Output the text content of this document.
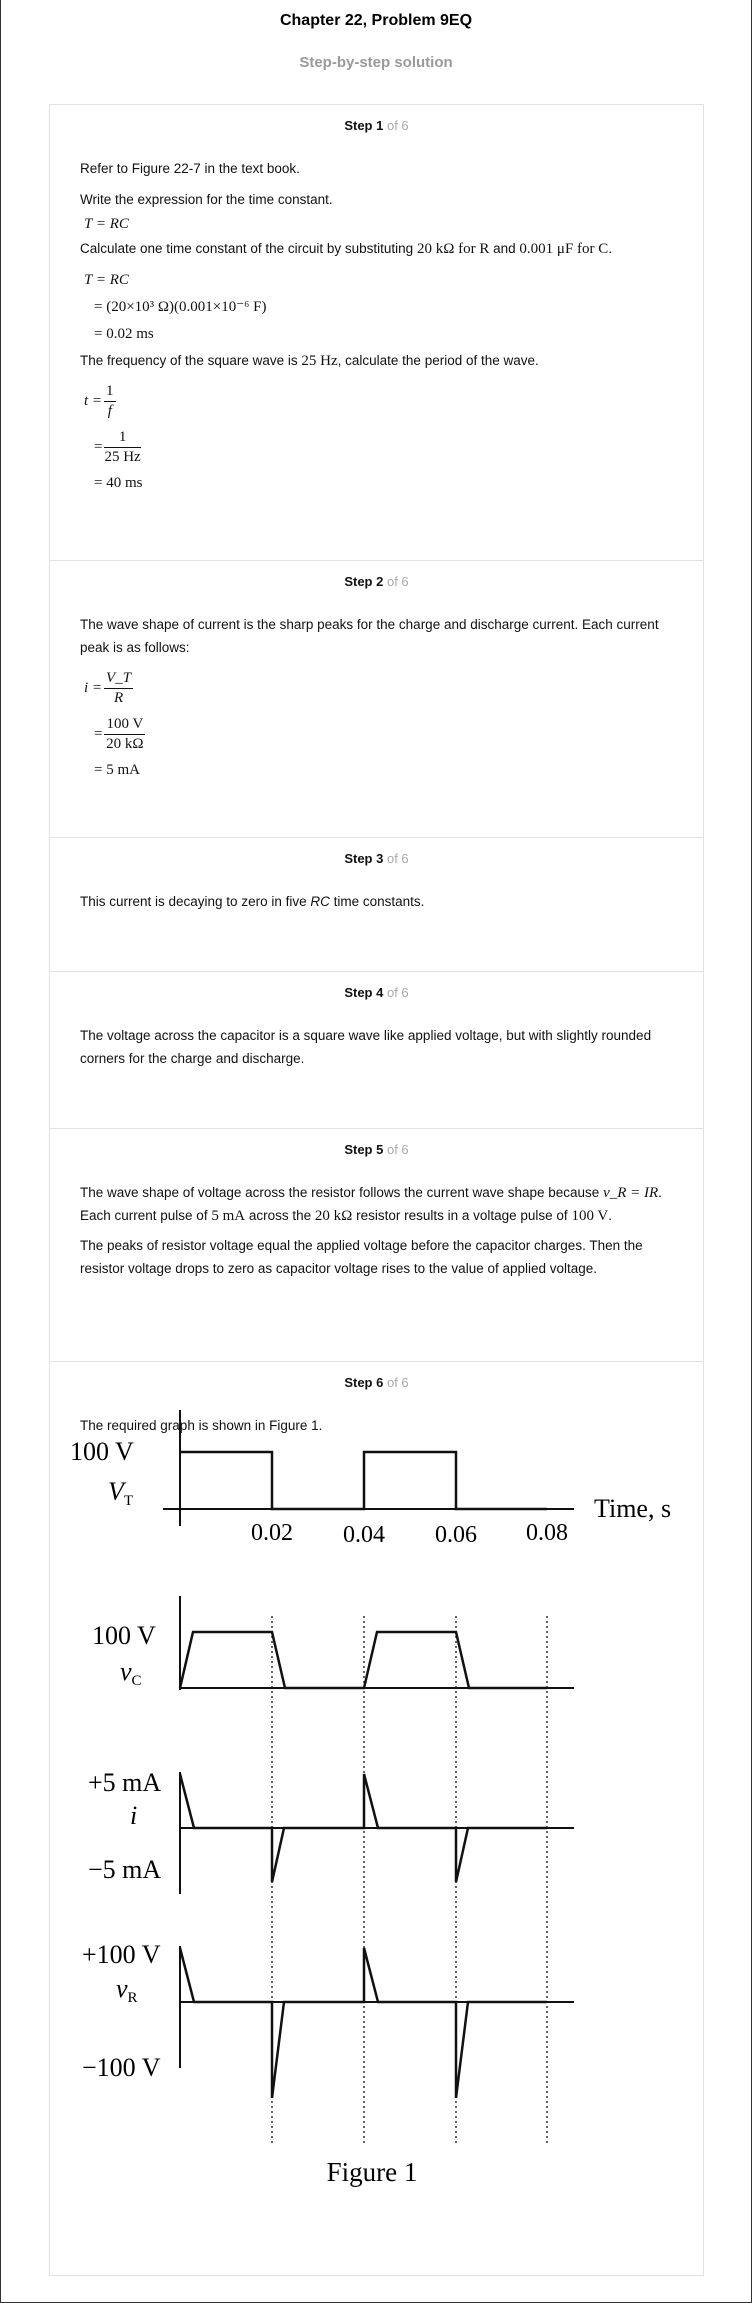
Chapter 22, Problem 9EQ
Step-by-step solution
Step 1 of 6

Refer to Figure 22-7 in the text book.

Write the expression for the time constant.

T = RC

Calculate one time constant of the circuit by substituting 20 kΩ for R and 0.001 μF for C.

T = RC
= (20×10³ Ω)(0.001×10⁻⁶ F)
= 0.02 ms

The frequency of the square wave is 25 Hz, calculate the period of the wave.

$t = \frac{1}{f}$
= $\frac{1}{25 Hz}$
= 40 ms
Step 2 of 6

The wave shape of current is the sharp peaks for the charge and discharge current. Each current peak is as follows:

$i = \frac{V\_T}{R}$
= $\frac{100 V}{20 k\Omega}$
= 5 mA
Step 3 of 6

This current is decaying to zero in five RC time constants.

Step 4 of 6

The voltage across the capacitor is a square wave like applied voltage, but with slightly rounded corners for the charge and discharge.

Step 5 of 6

The wave shape of voltage across the resistor follows the current wave shape because v_R = IR. Each current pulse of 5 mA across the 20 kΩ resistor results in a voltage pulse of 100 V.

The peaks of resistor voltage equal the applied voltage before the capacitor charges. Then the resistor voltage drops to zero as capacitor voltage rises to the value of applied voltage.

Step 6 of 6

The required graph is shown in Figure 1.

100 V
VT	Time, s
0.02 0.04 0.06 0.08
100 V
vC
+5 mA
i
−5 mA
+100 V
vR
−100 V
Figure 1
